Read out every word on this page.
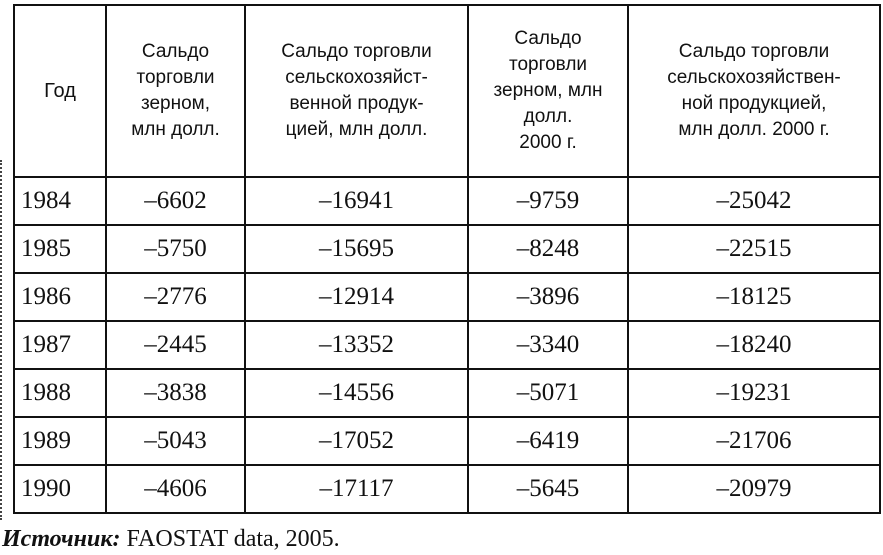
Год	Сальдо
торговли
зерном,
млн долл.	Сальдо торговли
сельскохозяйст-
венной продук-
цией, млн долл.	Сальдо
торговли
зерном, млн
долл.
2000 г.	Сальдо торговли
сельскохозяйствен-
ной продукцией,
млн долл. 2000 г.

1984	–6602	–16941	–9759	–25042
1985	–5750	–15695	–8248	–22515
1986	–2776	–12914	–3896	–18125
1987	–2445	–13352	–3340	–18240
1988	–3838	–14556	–5071	–19231
1989	–5043	–17052	–6419	–21706
1990	–4606	–17117	–5645	–20979
Источник: FAOSTAT data, 2005.
